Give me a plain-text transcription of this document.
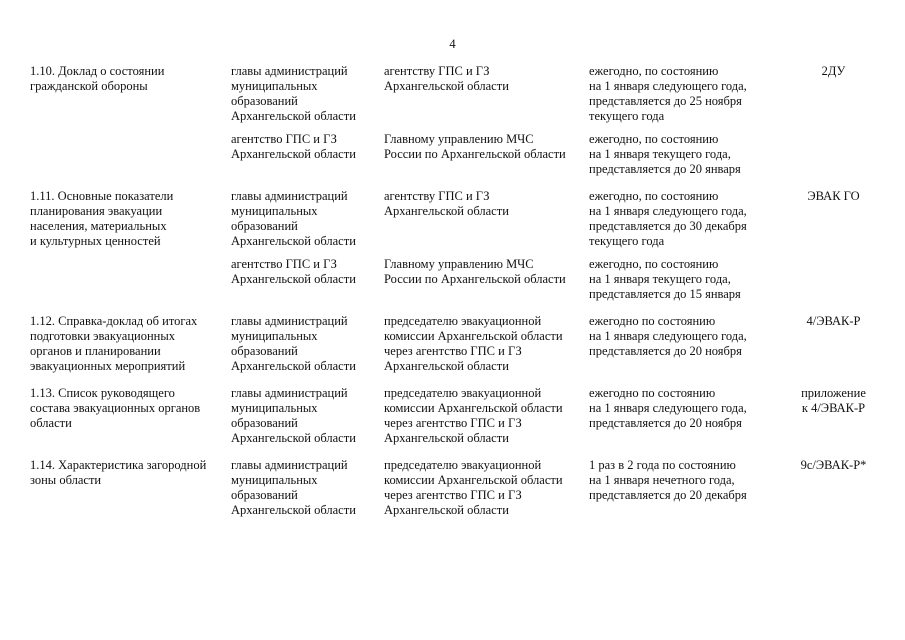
4
1.10. Доклад о состоянии
гражданской обороны
главы администраций
муниципальных
образований
Архангельской области
агентству ГПС и ГЗ
Архангельской области
ежегодно, по состоянию
на 1 января следующего года,
представляется до 25 ноября
текущего года
2ДУ
агентство ГПС и ГЗ
Архангельской области
Главному управлению МЧС
России по Архангельской области
ежегодно, по состоянию
на 1 января текущего года,
представляется до 20 января
1.11. Основные показатели
планирования эвакуации
населения, материальных
и культурных ценностей
главы администраций
муниципальных
образований
Архангельской области
агентству ГПС и ГЗ
Архангельской области
ежегодно, по состоянию
на 1 января следующего года,
представляется до 30 декабря
текущего года
ЭВАК ГО
агентство ГПС и ГЗ
Архангельской области
Главному управлению МЧС
России по Архангельской области
ежегодно, по состоянию
на 1 января текущего года,
представляется до 15 января
1.12. Справка-доклад об итогах
подготовки эвакуационных
органов и планировании
эвакуационных мероприятий
главы администраций
муниципальных
образований
Архангельской области
председателю эвакуационной
комиссии Архангельской области
через агентство ГПС и ГЗ
Архангельской области
ежегодно по состоянию
на 1 января следующего года,
представляется до 20 ноября
4/ЭВАК-Р
1.13. Список руководящего
состава эвакуационных органов
области
главы администраций
муниципальных
образований
Архангельской области
председателю эвакуационной
комиссии Архангельской области
через агентство ГПС и ГЗ
Архангельской области
ежегодно по состоянию
на 1 января следующего года,
представляется до 20 ноября
приложение
к 4/ЭВАК-Р
1.14. Характеристика загородной
зоны области
главы администраций
муниципальных
образований
Архангельской области
председателю эвакуационной
комиссии Архангельской области
через агентство ГПС и ГЗ
Архангельской области
1 раз в 2 года по состоянию
на 1 января нечетного года,
представляется до 20 декабря
9с/ЭВАК-Р*
